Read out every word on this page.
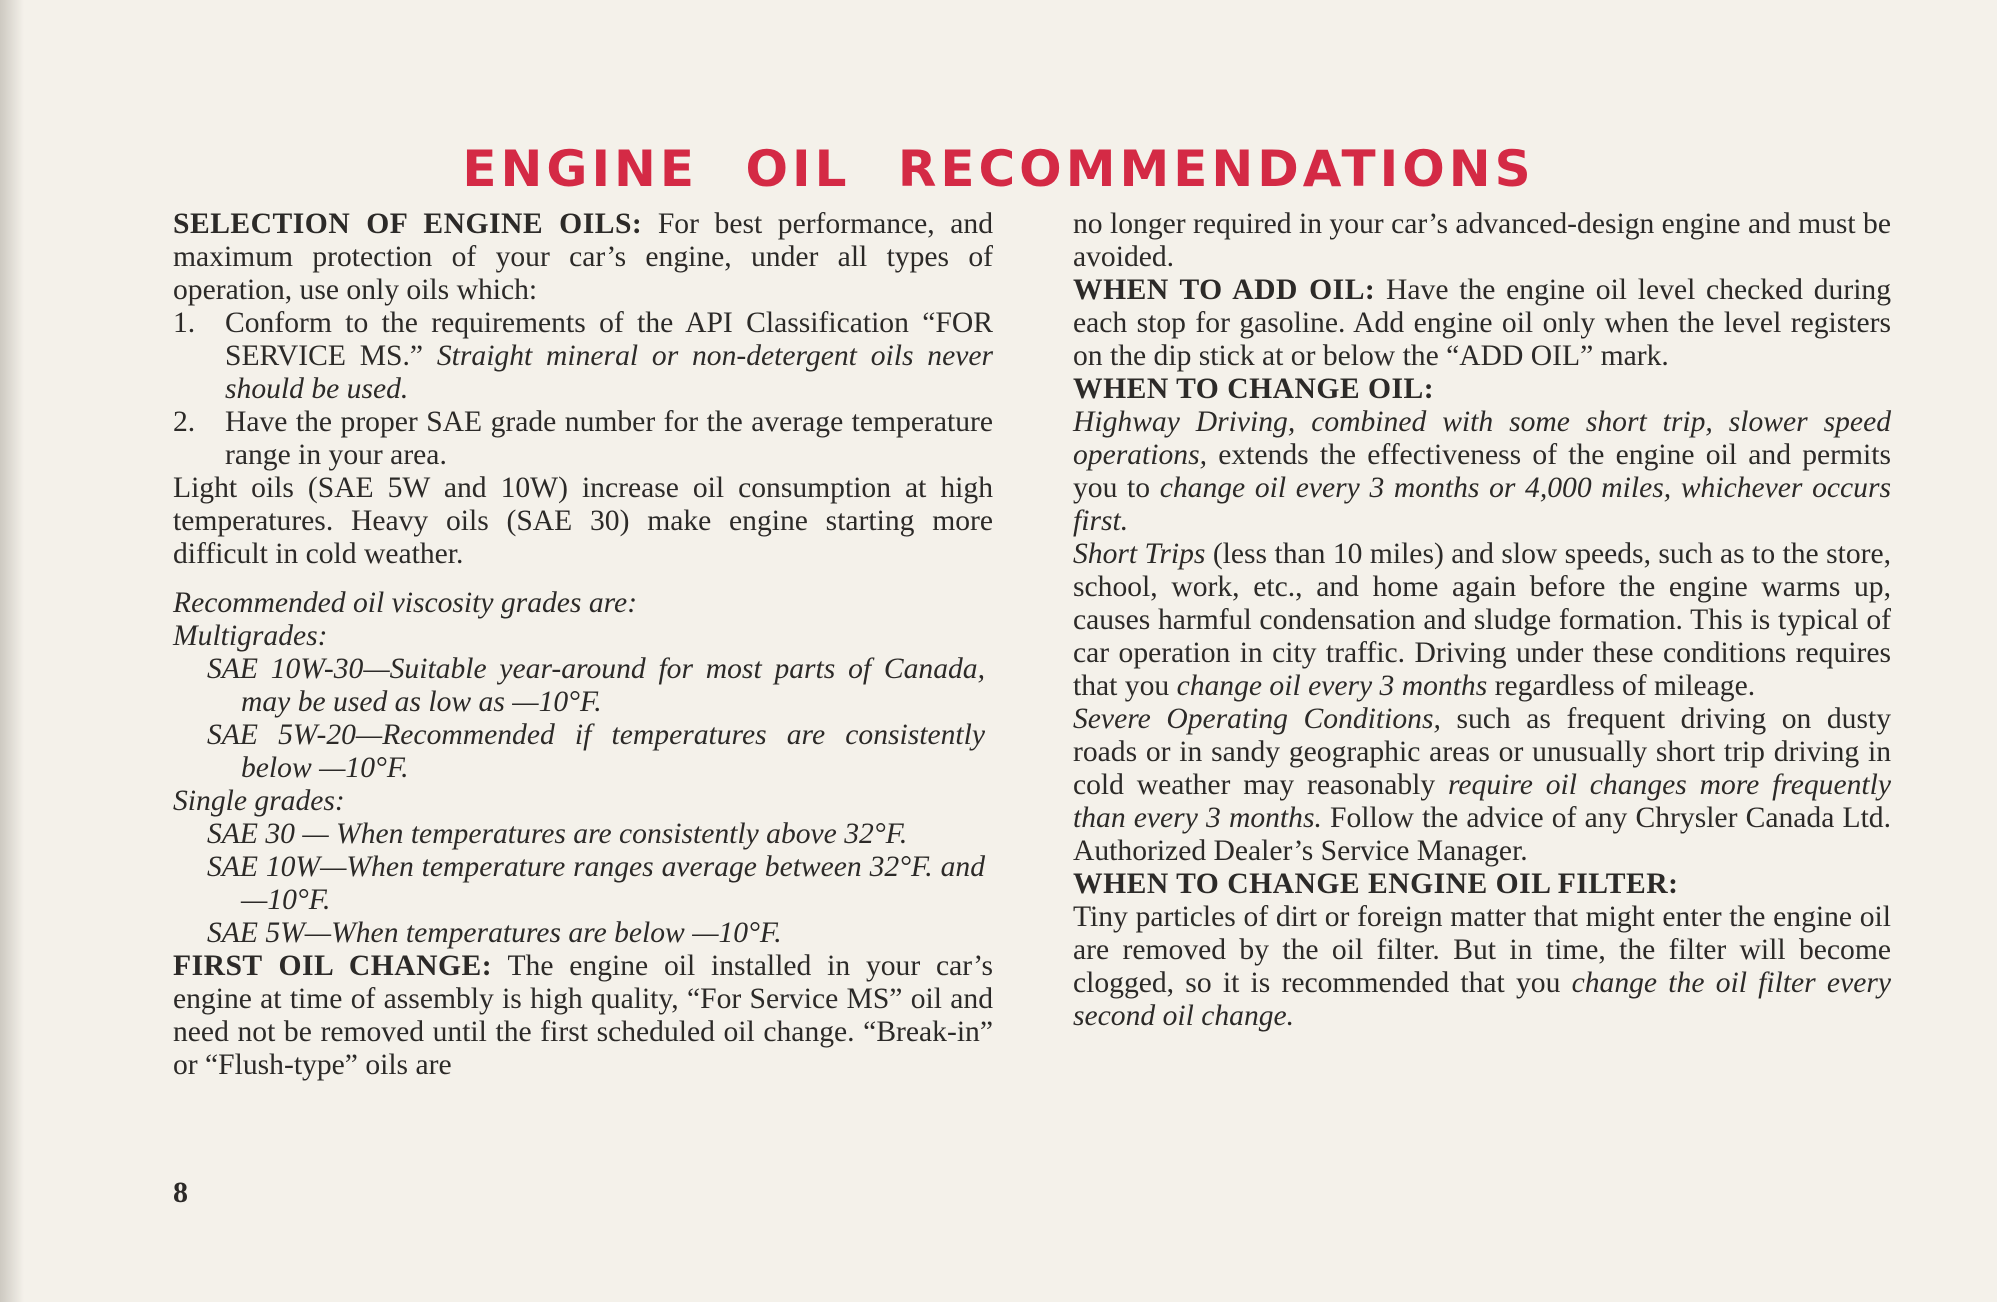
ENGINE OIL RECOMMENDATIONS

SELECTION OF ENGINE OILS: For best performance, and maximum protection of your car’s engine, under all types of operation, use only oils which:

1. Conform to the requirements of the API Classification “FOR SERVICE MS.” Straight mineral or non-detergent oils never should be used.

2. Have the proper SAE grade number for the average temperature range in your area.

Light oils (SAE 5W and 10W) increase oil consumption at high temperatures. Heavy oils (SAE 30) make engine starting more difficult in cold weather.

Recommended oil viscosity grades are:

Multigrades:

SAE 10W-30—Suitable year-around for most parts of Canada, may be used as low as —10°F.

SAE 5W-20—Recommended if temperatures are consistently below —10°F.

Single grades:

SAE 30 — When temperatures are consistently above 32°F.

SAE 10W—When temperature ranges average between 32°F. and —10°F.

SAE 5W—When temperatures are below —10°F.

FIRST OIL CHANGE: The engine oil installed in your car’s engine at time of assembly is high quality, “For Service MS” oil and need not be removed until the first scheduled oil change. “Break-in” or “Flush-type” oils are

no longer required in your car’s advanced-design engine and must be avoided.

WHEN TO ADD OIL: Have the engine oil level checked during each stop for gasoline. Add engine oil only when the level registers on the dip stick at or below the “ADD OIL” mark.

WHEN TO CHANGE OIL:

Highway Driving, combined with some short trip, slower speed operations, extends the effectiveness of the engine oil and permits you to change oil every 3 months or 4,000 miles, whichever occurs first.

Short Trips (less than 10 miles) and slow speeds, such as to the store, school, work, etc., and home again before the engine warms up, causes harmful condensation and sludge formation. This is typical of car operation in city traffic. Driving under these conditions requires that you change oil every 3 months regardless of mileage.

Severe Operating Conditions, such as frequent driving on dusty roads or in sandy geographic areas or unusually short trip driving in cold weather may reasonably require oil changes more frequently than every 3 months. Follow the advice of any Chrysler Canada Ltd. Authorized Dealer’s Service Manager.

WHEN TO CHANGE ENGINE OIL FILTER:

Tiny particles of dirt or foreign matter that might enter the engine oil are removed by the oil filter. But in time, the filter will become clogged, so it is recommended that you change the oil filter every second oil change.

8
